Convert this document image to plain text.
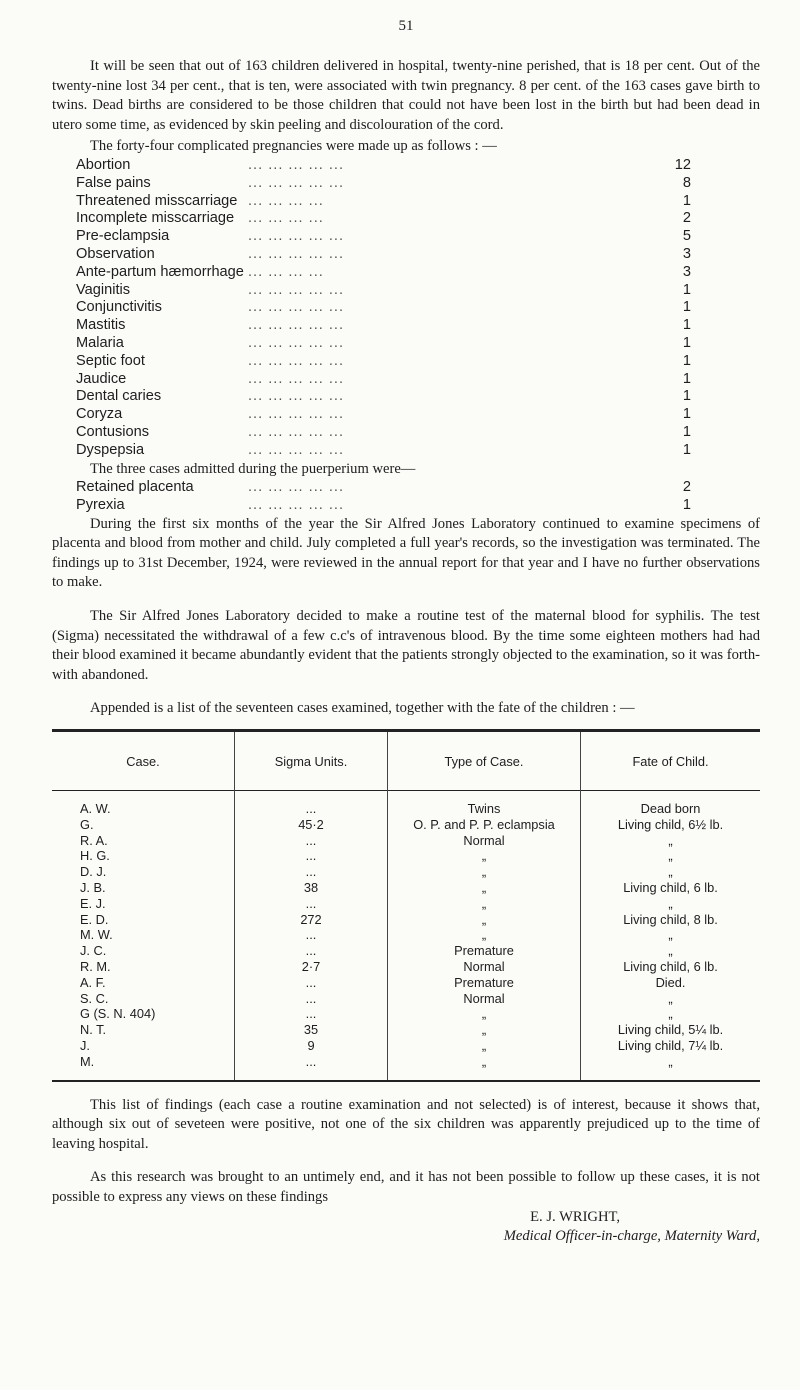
51

It will be seen that out of 163 children delivered in hospital, twenty-nine perished, that is 18 per cent. Out of the twenty-nine lost 34 per cent., that is ten, were associated with twin pregnancy. 8 per cent. of the 163 cases gave birth to twins. Dead births are considered to be those children that could not have been lost in the birth but had been dead in utero some time, as evidenced by skin peeling and discolouration of the cord.

The forty-four complicated pregnancies were made up as follows : —

Abortion	... ... ... ... ...	12
False pains	... ... ... ... ...	8
Threatened misscarriage ... ... ... ...	1
Incomplete misscarriage ... ... ... ...	2
Pre-eclampsia	... ... ... ... ...	5
Observation	... ... ... ... ...	3
Ante-partum hæmorrhage ... ... ... ...	3
Vaginitis	... ... ... ... ...	1
Conjunctivitis	... ... ... ... ...	1
Mastitis	... ... ... ... ...	1
Malaria	... ... ... ... ...	1
Septic foot	... ... ... ... ...	1
Jaudice	... ... ... ... ...	1
Dental caries	... ... ... ... ...	1
Coryza	... ... ... ... ...	1
Contusions	... ... ... ... ...	1
Dyspepsia	... ... ... ... ...	1

The three cases admitted during the puerperium were—

Retained placenta	... ... ... ... ...	2
Pyrexia	... ... ... ... ...	1

During the first six months of the year the Sir Alfred Jones Laboratory continued to examine specimens of placenta and blood from mother and child. July completed a full year's records, so the investigation was terminated. The findings up to 31st December, 1924, were reviewed in the annual report for that year and I have no further observations to make.

The Sir Alfred Jones Laboratory decided to make a routine test of the maternal blood for syphilis. The test (Sigma) necessitated the withdrawal of a few c.c's of intravenous blood. By the time some eighteen mothers had had their blood examined it became abundantly evident that the patients strongly objected to the examination, so it was forth-with abandoned.

Appended is a list of the seventeen cases examined, together with the fate of the children : —

Case.	Sigma Units.	Type of Case.	Fate of Child.
A. W.	...	Twins	Dead born
G.	45·2	O. P. and P. P. eclampsia	Living child, 6½ lb.
R. A.	...	Normal	„
H. G.	...	„	„
D. J.	...	„	„
J. B.	38	„	Living child, 6 lb.
E. J.	...	„	„
E. D.	272	„	Living child, 8 lb.
M. W.	...	„	„
J. C.	...	Premature	„
R. M.	2·7	Normal	Living child, 6 lb.
A. F.	...	Premature	Died.
S. C.	...	Normal	„
G (S. N. 404)	...	„	„
N. T.	35	„	Living child, 5¼ lb.
J.	9	„	Living child, 7¼ lb.
M.	...	„	„

This list of findings (each case a routine examination and not selected) is of interest, because it shows that, although six out of seveteen were positive, not one of the six children was apparently prejudiced up to the time of leaving hospital.

As this research was brought to an untimely end, and it has not been possible to follow up these cases, it is not possible to express any views on these findings

E. J. WRIGHT,
Medical Officer-in-charge, Maternity Ward,
